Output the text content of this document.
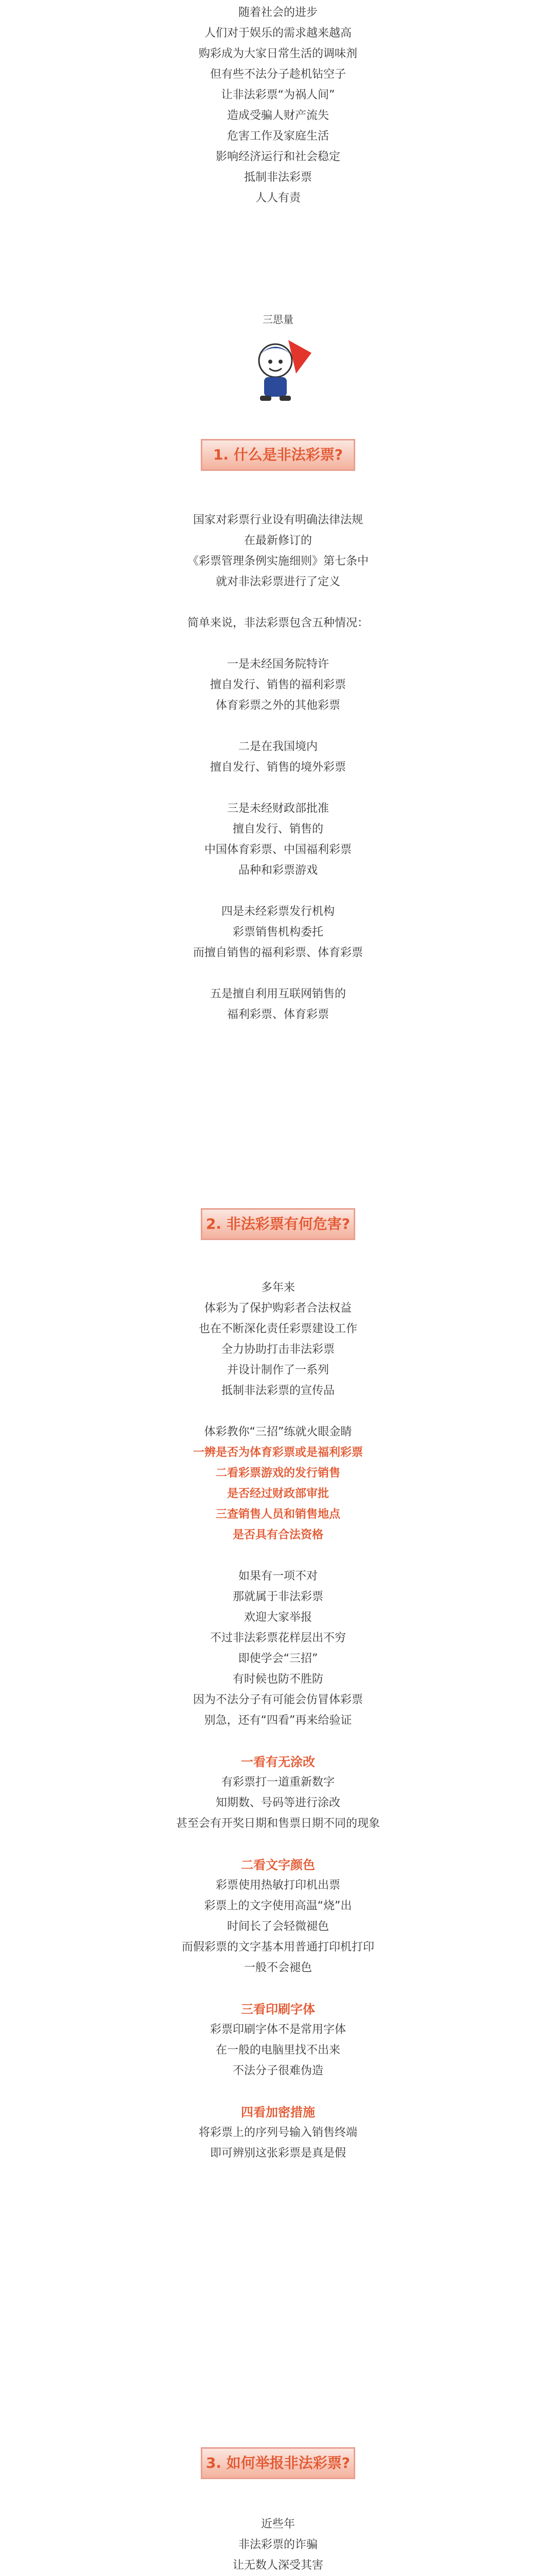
随着社会的进步

人们对于娱乐的需求越来越高

购彩成为大家日常生活的调味剂

但有些不法分子趁机钻空子

让非法彩票“为祸人间”

造成受骗人财产流失

危害工作及家庭生活

影响经济运行和社会稳定

抵制非法彩票

人人有责

三思量

1. 什么是非法彩票?

国家对彩票行业设有明确法律法规

在最新修订的

《彩票管理条例实施细则》第七条中

就对非法彩票进行了定义

简单来说，非法彩票包含五种情况：

一是未经国务院特许

擅自发行、销售的福利彩票

体育彩票之外的其他彩票

二是在我国境内

擅自发行、销售的境外彩票

三是未经财政部批准

擅自发行、销售的

中国体育彩票、中国福利彩票

品种和彩票游戏

四是未经彩票发行机构

彩票销售机构委托

而擅自销售的福利彩票、体育彩票

五是擅自利用互联网销售的

福利彩票、体育彩票

2. 非法彩票有何危害?

多年来

体彩为了保护购彩者合法权益

也在不断深化责任彩票建设工作

全力协助打击非法彩票

并设计制作了一系列

抵制非法彩票的宣传品

体彩教你“三招”练就火眼金睛

一辨是否为体育彩票或是福利彩票

二看彩票游戏的发行销售

是否经过财政部审批

三查销售人员和销售地点

是否具有合法资格

如果有一项不对

那就属于非法彩票

欢迎大家举报

不过非法彩票花样层出不穷

即使学会“三招”

有时候也防不胜防

因为不法分子有可能会仿冒体彩票

别急，还有“四看”再来给验证

一看有无涂改

有彩票打一道重新数字

知期数、号码等进行涂改

甚至会有开奖日期和售票日期不同的现象

二看文字颜色

彩票使用热敏打印机出票

彩票上的文字使用高温“烧”出

时间长了会轻微褪色

而假彩票的文字基本用普通打印机打印

一般不会褪色

三看印刷字体

彩票印刷字体不是常用字体

在一般的电脑里找不出来

不法分子很难伪造

四看加密措施

将彩票上的序列号输入销售终端

即可辨别这张彩票是真是假

3. 如何举报非法彩票?

近些年

非法彩票的诈骗

让无数人深受其害
